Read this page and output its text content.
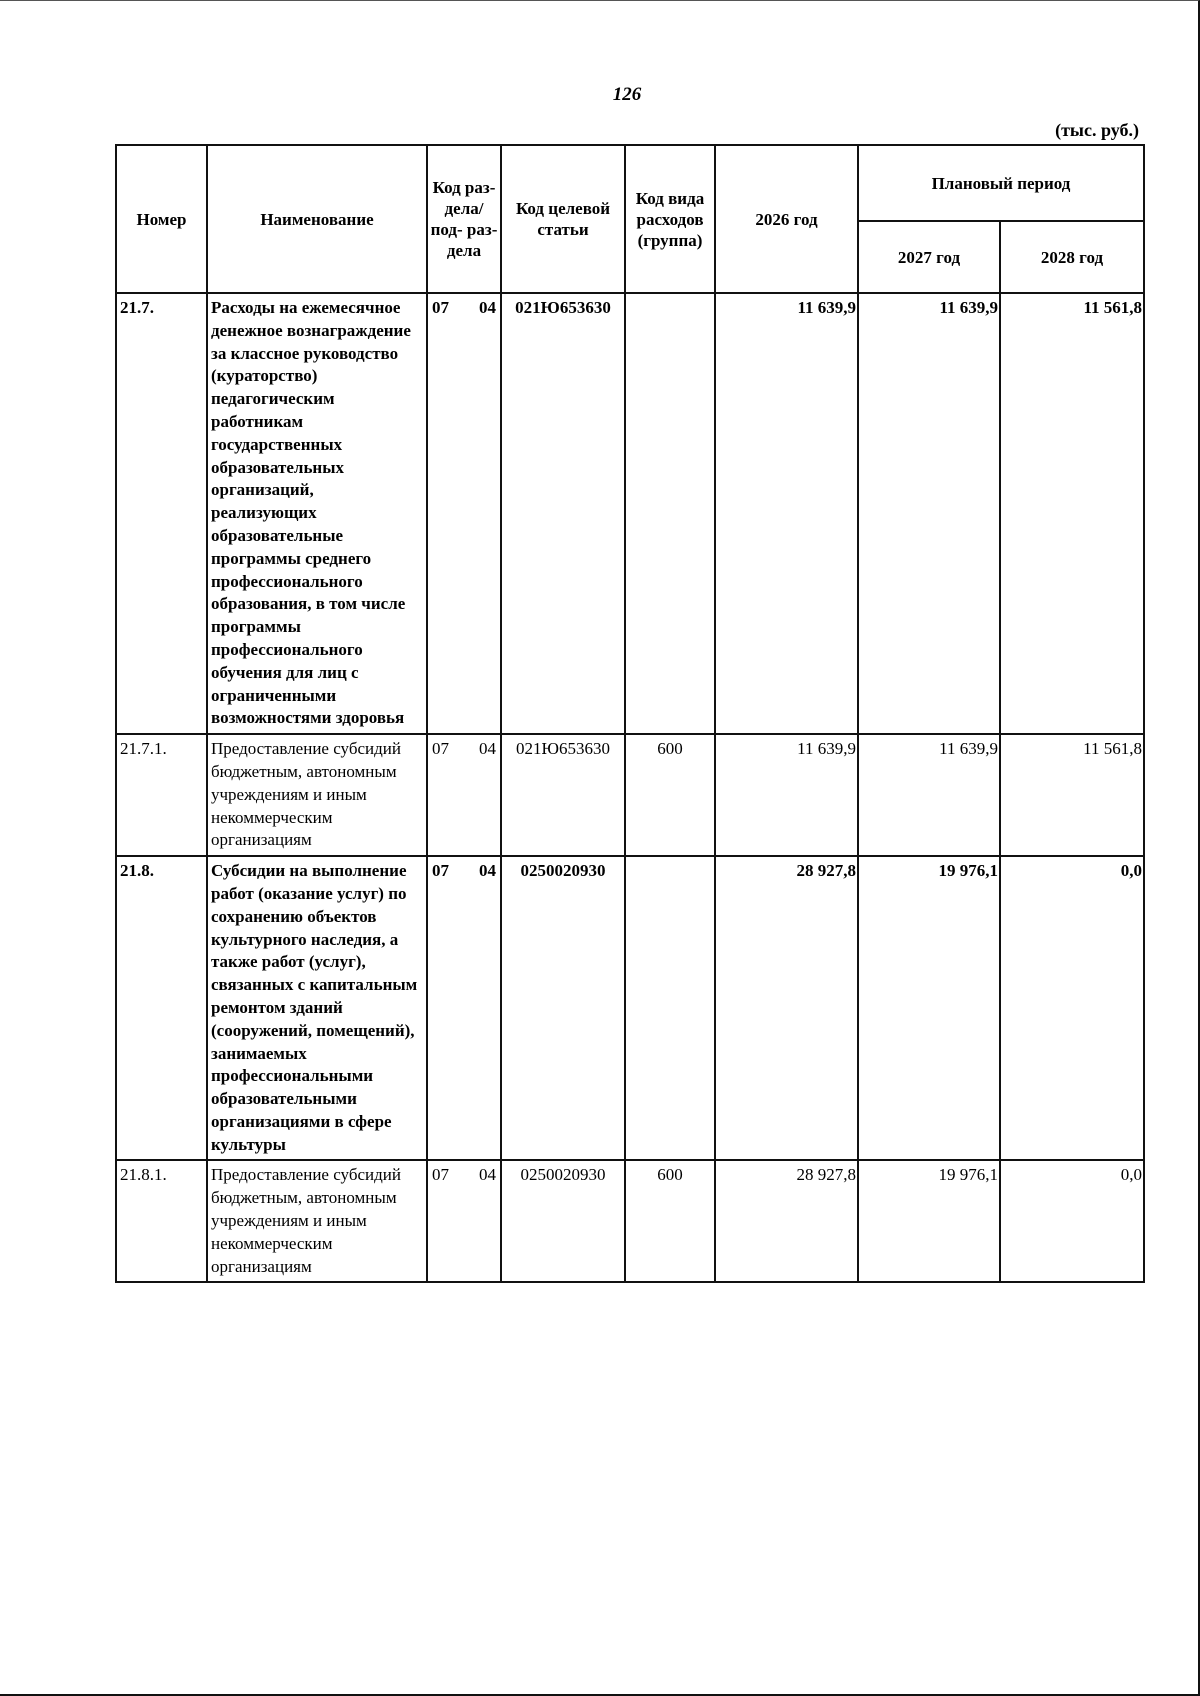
126
(тыс. руб.)
Номер	Наименование	Код раз- дела/ под- раз- дела	Код целевой статьи	Код вида расходов (группа)	2026 год	Плановый период	
						2027 год	2028 год
21.7.	Расходы на ежемесячное денежное вознаграждение за классное руководство (кураторство) педагогическим работникам государственных образовательных организаций, реализующих образовательные программы среднего профессионального образования, в том числе программы профессионального обучения для лиц с ограниченными возможностями здоровья	07 04	021Ю653630		11 639,9	11 639,9	11 561,8
21.7.1.	Предоставление субсидий бюджетным, автономным учреждениям и иным некоммерческим организациям	07 04	021Ю653630	600	11 639,9	11 639,9	11 561,8
21.8.	Субсидии на выполнение работ (оказание услуг) по сохранению объектов культурного наследия, а также работ (услуг), связанных с капитальным ремонтом зданий (сооружений, помещений), занимаемых профессиональными образовательными организациями в сфере культуры	07 04	0250020930		28 927,8	19 976,1	0,0
21.8.1.	Предоставление субсидий бюджетным, автономным учреждениям и иным некоммерческим организациям	07 04	0250020930	600	28 927,8	19 976,1	0,0
